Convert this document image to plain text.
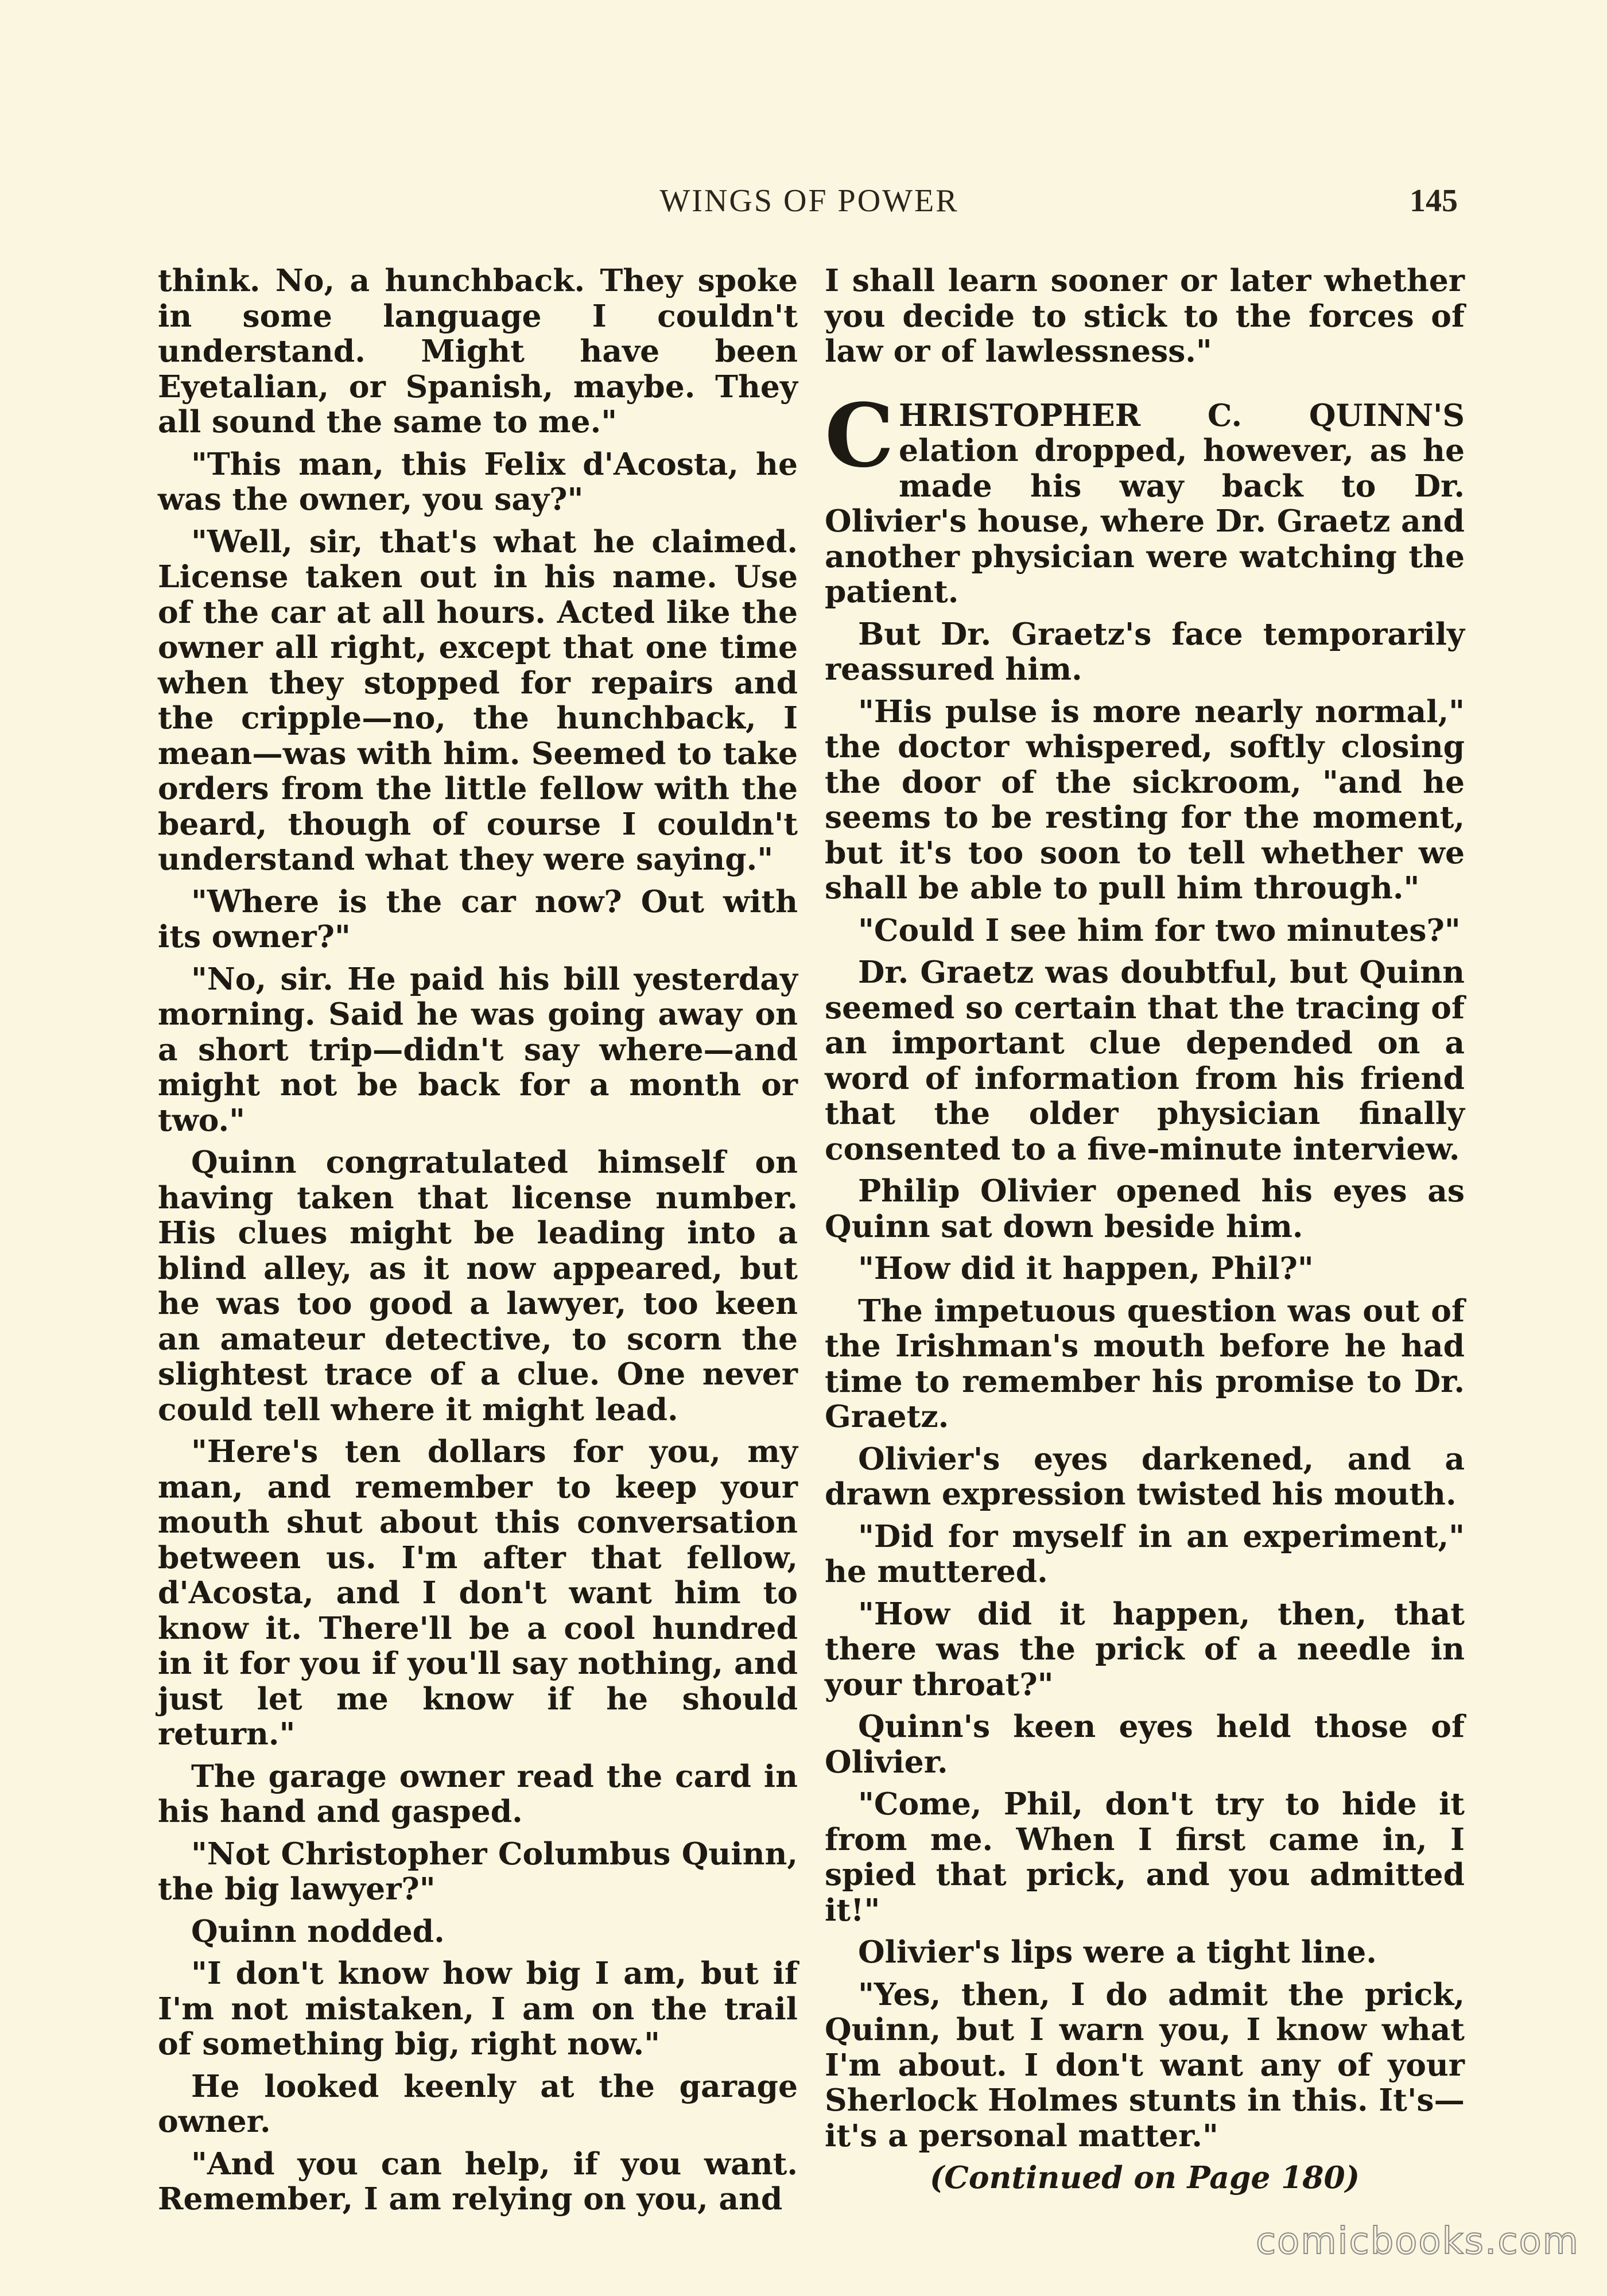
WINGS OF POWER	145

think. No, a hunchback. They spoke in some language I couldn't understand. Might have been Eyetalian, or Spanish, maybe. They all sound the same to me."

"This man, this Felix d'Acosta, he was the owner, you say?"

"Well, sir, that's what he claimed. License taken out in his name. Use of the car at all hours. Acted like the owner all right, except that one time when they stopped for repairs and the cripple—no, the hunchback, I mean—was with him. Seemed to take orders from the little fellow with the beard, though of course I couldn't understand what they were saying."

"Where is the car now? Out with its owner?"

"No, sir. He paid his bill yesterday morning. Said he was going away on a short trip—didn't say where—and might not be back for a month or two."

Quinn congratulated himself on having taken that license number. His clues might be leading into a blind alley, as it now appeared, but he was too good a lawyer, too keen an amateur detective, to scorn the slightest trace of a clue. One never could tell where it might lead.

"Here's ten dollars for you, my man, and remember to keep your mouth shut about this conversation between us. I'm after that fellow, d'Acosta, and I don't want him to know it. There'll be a cool hundred in it for you if you'll say nothing, and just let me know if he should return."

The garage owner read the card in his hand and gasped.

"Not Christopher Columbus Quinn, the big lawyer?"

Quinn nodded.

"I don't know how big I am, but if I'm not mistaken, I am on the trail of something big, right now."

He looked keenly at the garage owner.

"And you can help, if you want. Remember, I am relying on you, and

I shall learn sooner or later whether you decide to stick to the forces of law or of lawlessness."

CHRISTOPHER C. QUINN'S elation dropped, however, as he made his way back to Dr. Olivier's house, where Dr. Graetz and another physician were watching the patient.

But Dr. Graetz's face temporarily reassured him.

"His pulse is more nearly normal," the doctor whispered, softly closing the door of the sickroom, "and he seems to be resting for the moment, but it's too soon to tell whether we shall be able to pull him through."

"Could I see him for two minutes?"

Dr. Graetz was doubtful, but Quinn seemed so certain that the tracing of an important clue depended on a word of information from his friend that the older physician finally consented to a five-minute interview.

Philip Olivier opened his eyes as Quinn sat down beside him.

"How did it happen, Phil?"

The impetuous question was out of the Irishman's mouth before he had time to remember his promise to Dr. Graetz.

Olivier's eyes darkened, and a drawn expression twisted his mouth.

"Did for myself in an experiment," he muttered.

"How did it happen, then, that there was the prick of a needle in your throat?"

Quinn's keen eyes held those of Olivier.

"Come, Phil, don't try to hide it from me. When I first came in, I spied that prick, and you admitted it!"

Olivier's lips were a tight line.

"Yes, then, I do admit the prick, Quinn, but I warn you, I know what I'm about. I don't want any of your Sherlock Holmes stunts in this. It's—it's a personal matter."

(Continued on Page 180)

comicbooks.com
